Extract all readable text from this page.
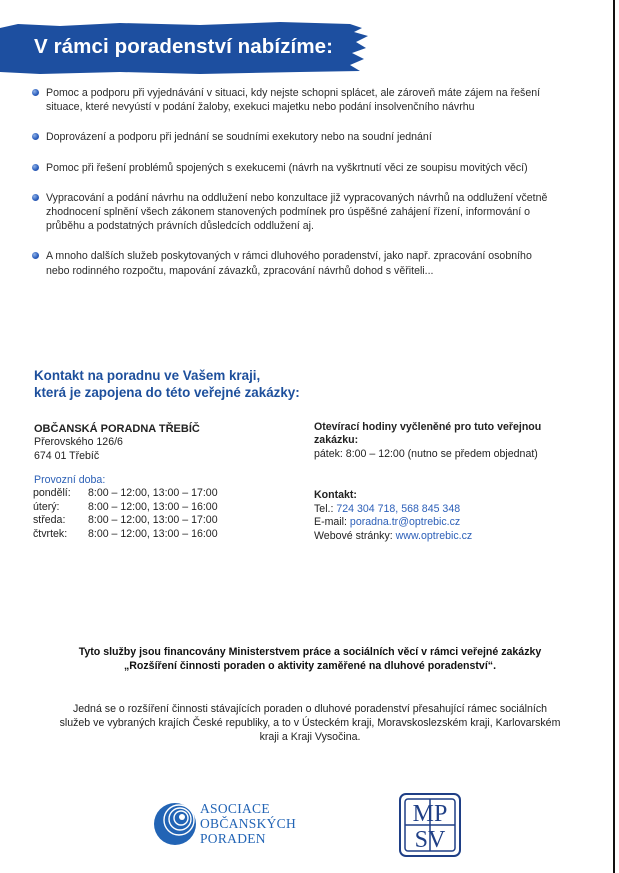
V rámci poradenství nabízíme:
Pomoc a podporu při vyjednávání v situaci, kdy nejste schopni splácet, ale zároveň máte zájem na řešení situace, které nevyústí v podání žaloby, exekuci majetku nebo podání insolvenčního návrhu
Doprovázení a podporu při jednání se soudními exekutory nebo na soudní jednání
Pomoc při řešení problémů spojených s exekucemi (návrh na vyškrtnutí věci ze soupisu movitých věcí)
Vypracování a podání návrhu na oddlužení nebo konzultace již vypracovaných návrhů na oddlužení včetně zhodnocení splnění všech zákonem stanovených podmínek pro úspěšné zahájení řízení, informování o průběhu a podstatných právních důsledcích oddlužení aj.
A mnoho dalších služeb poskytovaných v rámci dluhového poradenství, jako např. zpracování osobního nebo rodinného rozpočtu, mapování závazků, zpracování návrhů dohod s věřiteli...
Kontakt na poradnu ve Vašem kraji,
která je zapojena do této veřejné zakázky:
OBČANSKÁ PORADNA TŘEBÍČ
Přerovského 126/6
674 01 Třebíč
Provozní doba:
pondělí:	8:00 – 12:00, 13:00 – 17:00
úterý:	8:00 – 12:00, 13:00 – 16:00
středa:	8:00 – 12:00, 13:00 – 17:00
čtvrtek:	8:00 – 12:00, 13:00 – 16:00
Otevírací hodiny vyčleněné pro tuto veřejnou
zakázku:
pátek: 8:00 – 12:00 (nutno se předem objednat)
Kontakt:
Tel.: 724 304 718, 568 845 348
E-mail: poradna.tr@optrebic.cz
Webové stránky: www.optrebic.cz
Tyto služby jsou financovány Ministerstvem práce a sociálních věcí v rámci veřejné zakázky
„Rozšíření činnosti poraden o aktivity zaměřené na dluhové poradenství“.
Jedná se o rozšíření činnosti stávajících poraden o dluhové poradenství přesahující rámec sociálních
služeb ve vybraných krajích České republiky, a to v Ústeckém kraji, Moravskoslezském kraji, Karlovarském
kraji a Kraji Vysočina.
ASOCIACE
OBČANSKÝCH
PORADEN
MP
SV
